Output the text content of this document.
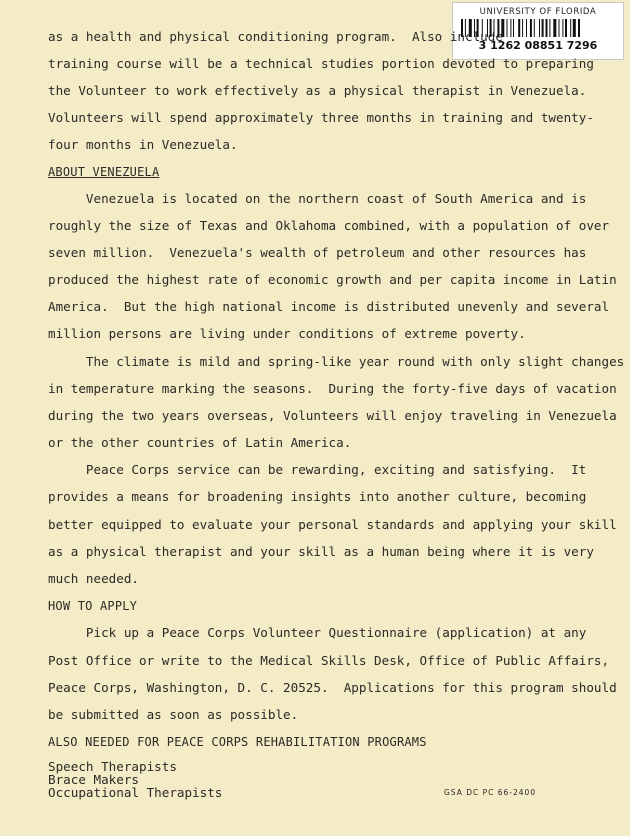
UNIVERSITY OF FLORIDA
3 1262 08851 7296
as a health and physical conditioning program.  Also include
training course will be a technical studies portion devoted to preparing
the Volunteer to work effectively as a physical therapist in Venezuela.
Volunteers will spend approximately three months in training and twenty-
four months in Venezuela.
ABOUT VENEZUELA
Venezuela is located on the northern coast of South America and is
roughly the size of Texas and Oklahoma combined, with a population of over
seven million.  Venezuela's wealth of petroleum and other resources has
produced the highest rate of economic growth and per capita income in Latin
America.  But the high national income is distributed unevenly and several
million persons are living under conditions of extreme poverty.
The climate is mild and spring-like year round with only slight changes
in temperature marking the seasons.  During the forty-five days of vacation
during the two years overseas, Volunteers will enjoy traveling in Venezuela
or the other countries of Latin America.
Peace Corps service can be rewarding, exciting and satisfying.  It
provides a means for broadening insights into another culture, becoming
better equipped to evaluate your personal standards and applying your skill
as a physical therapist and your skill as a human being where it is very
much needed.
HOW TO APPLY
Pick up a Peace Corps Volunteer Questionnaire (application) at any
Post Office or write to the Medical Skills Desk, Office of Public Affairs,
Peace Corps, Washington, D. C. 20525.  Applications for this program should
be submitted as soon as possible.
ALSO NEEDED FOR PEACE CORPS REHABILITATION PROGRAMS
Speech Therapists
Brace Makers
Occupational Therapists	GSA DC PC 66-2400
